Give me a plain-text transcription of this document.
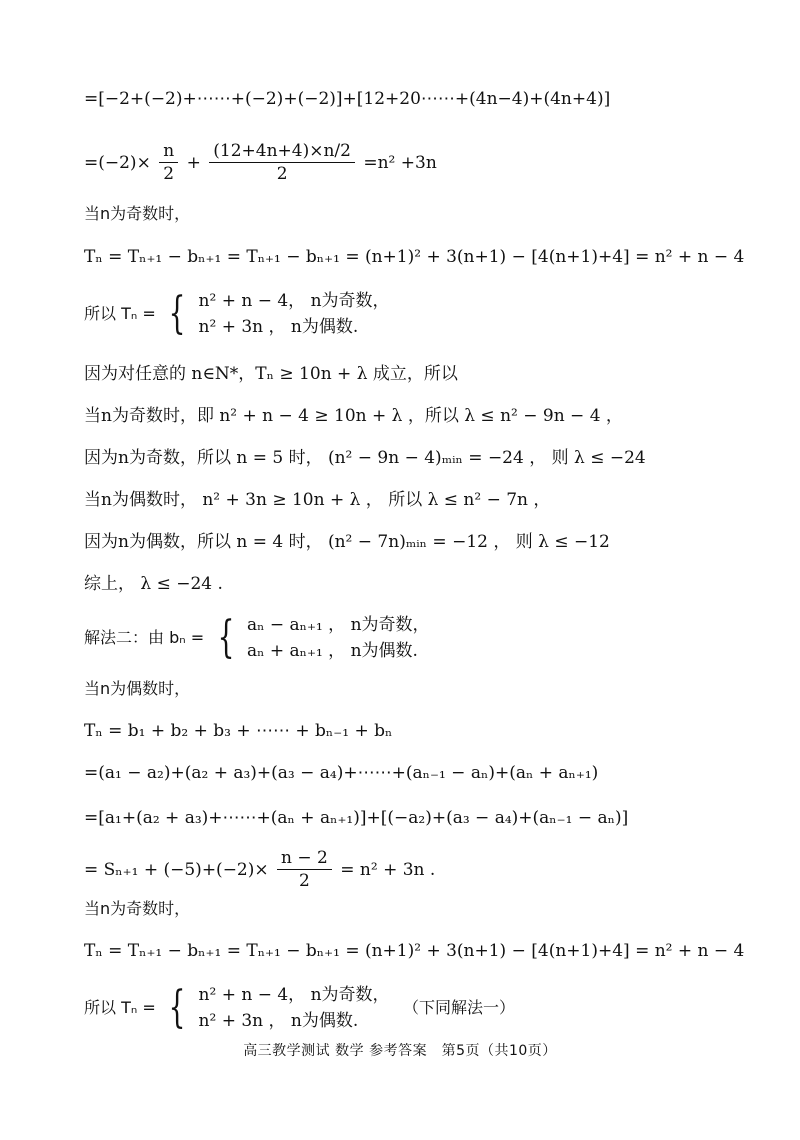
=[−2+(−2)+⋯⋯+(−2)+(−2)]+[12+20⋯⋯+(4n−4)+(4n+4)]
$=(-2)\times \frac{n}{2} + \frac{(12+4n+4)\times n/2}{2} =n^2 +3n$
当n为奇数时，
Tₙ = Tₙ₊₁ − bₙ₊₁ = Tₙ₊₁ − bₙ₊₁ = (n+1)² + 3(n+1) − [4(n+1)+4] = n² + n − 4
所以 Tₙ = { n² + n − 4， n为奇数，
n² + 3n ， n为偶数.
因为对任意的 n∈N*，Tₙ ≥ 10n + λ 成立，所以
当n为奇数时，即 n² + n − 4 ≥ 10n + λ ，所以 λ ≤ n² − 9n − 4 ，
因为n为奇数，所以 n = 5 时， (n² − 9n − 4)ₘᵢₙ = −24 ， 则 λ ≤ −24
当n为偶数时， n² + 3n ≥ 10n + λ ， 所以 λ ≤ n² − 7n ，
因为n为偶数，所以 n = 4 时， (n² − 7n)ₘᵢₙ = −12 ， 则 λ ≤ −12
综上， λ ≤ −24 .
解法二：由 bₙ = { aₙ − aₙ₊₁ ， n为奇数，
aₙ + aₙ₊₁ ， n为偶数.
当n为偶数时，
Tₙ = b₁ + b₂ + b₃ + ⋯⋯ + bₙ₋₁ + bₙ
=(a₁ − a₂)+(a₂ + a₃)+(a₃ − a₄)+⋯⋯+(aₙ₋₁ − aₙ)+(aₙ + aₙ₊₁)
=[a₁+(a₂ + a₃)+⋯⋯+(aₙ + aₙ₊₁)]+[(−a₂)+(a₃ − a₄)+(aₙ₋₁ − aₙ)]
= $S_{n+1} + (-5)+(-2)\times \frac{n - 2}{2} = n^2 + 3n$ .
当n为奇数时，
Tₙ = Tₙ₊₁ − bₙ₊₁ = Tₙ₊₁ − bₙ₊₁ = (n+1)² + 3(n+1) − [4(n+1)+4] = n² + n − 4
所以 Tₙ = { n² + n − 4， n为奇数，
n² + 3n ， n为偶数.
（下同解法一）
高三教学测试 数学 参考答案　第5页（共10页）
